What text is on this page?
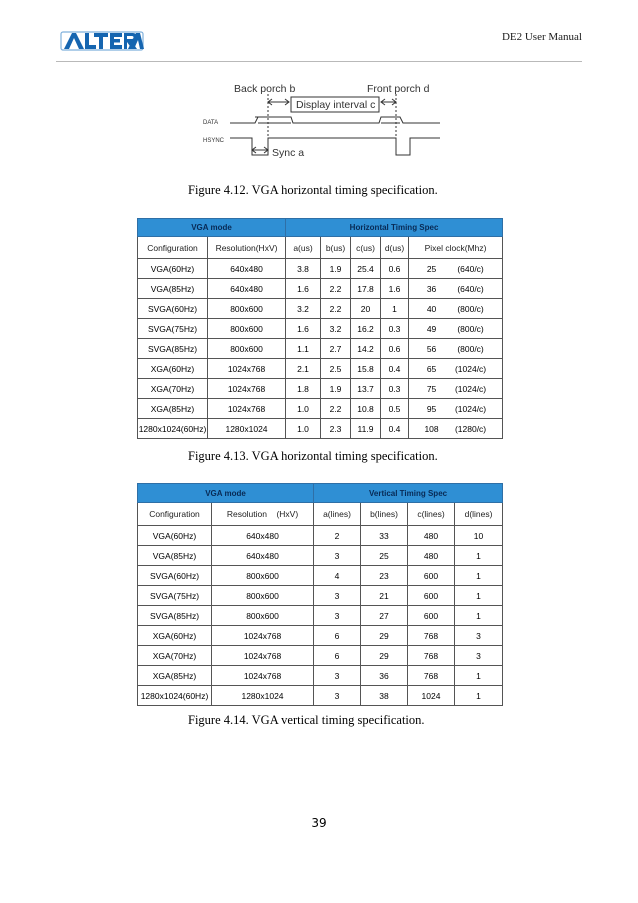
DE2 User Manual
Back porch b	Front porch d
Display interval c
DATA
HSYNC
Sync a
Figure 4.12. VGA horizontal timing specification.
VGA mode		Horizontal Timing Spec				
Configuration	Resolution(HxV)	a(us)	b(us)	c(us)	d(us)	Pixel clock(Mhz)
VGA(60Hz)	640x480	3.8	1.9	25.4	0.6	25 (640/c)
VGA(85Hz)	640x480	1.6	2.2	17.8	1.6	36 (640/c)
SVGA(60Hz)	800x600	3.2	2.2	20	1	40 (800/c)
SVGA(75Hz)	800x600	1.6	3.2	16.2	0.3	49 (800/c)
SVGA(85Hz)	800x600	1.1	2.7	14.2	0.6	56 (800/c)
XGA(60Hz)	1024x768	2.1	2.5	15.8	0.4	65 (1024/c)
XGA(70Hz)	1024x768	1.8	1.9	13.7	0.3	75 (1024/c)
XGA(85Hz)	1024x768	1.0	2.2	10.8	0.5	95 (1024/c)
1280x1024(60Hz)	1280x1024	1.0	2.3	11.9	0.4	108 (1280/c)
Figure 4.13. VGA horizontal timing specification.
VGA mode		Vertical Timing Spec			
Configuration	Resolution    (HxV)	a(lines)	b(lines)	c(lines)	d(lines)
VGA(60Hz)	640x480	2	33	480	10
VGA(85Hz)	640x480	3	25	480	1
SVGA(60Hz)	800x600	4	23	600	1
SVGA(75Hz)	800x600	3	21	600	1
SVGA(85Hz)	800x600	3	27	600	1
XGA(60Hz)	1024x768	6	29	768	3
XGA(70Hz)	1024x768	6	29	768	3
XGA(85Hz)	1024x768	3	36	768	1
1280x1024(60Hz)	1280x1024	3	38	1024	1
Figure 4.14. VGA vertical timing specification.
39
